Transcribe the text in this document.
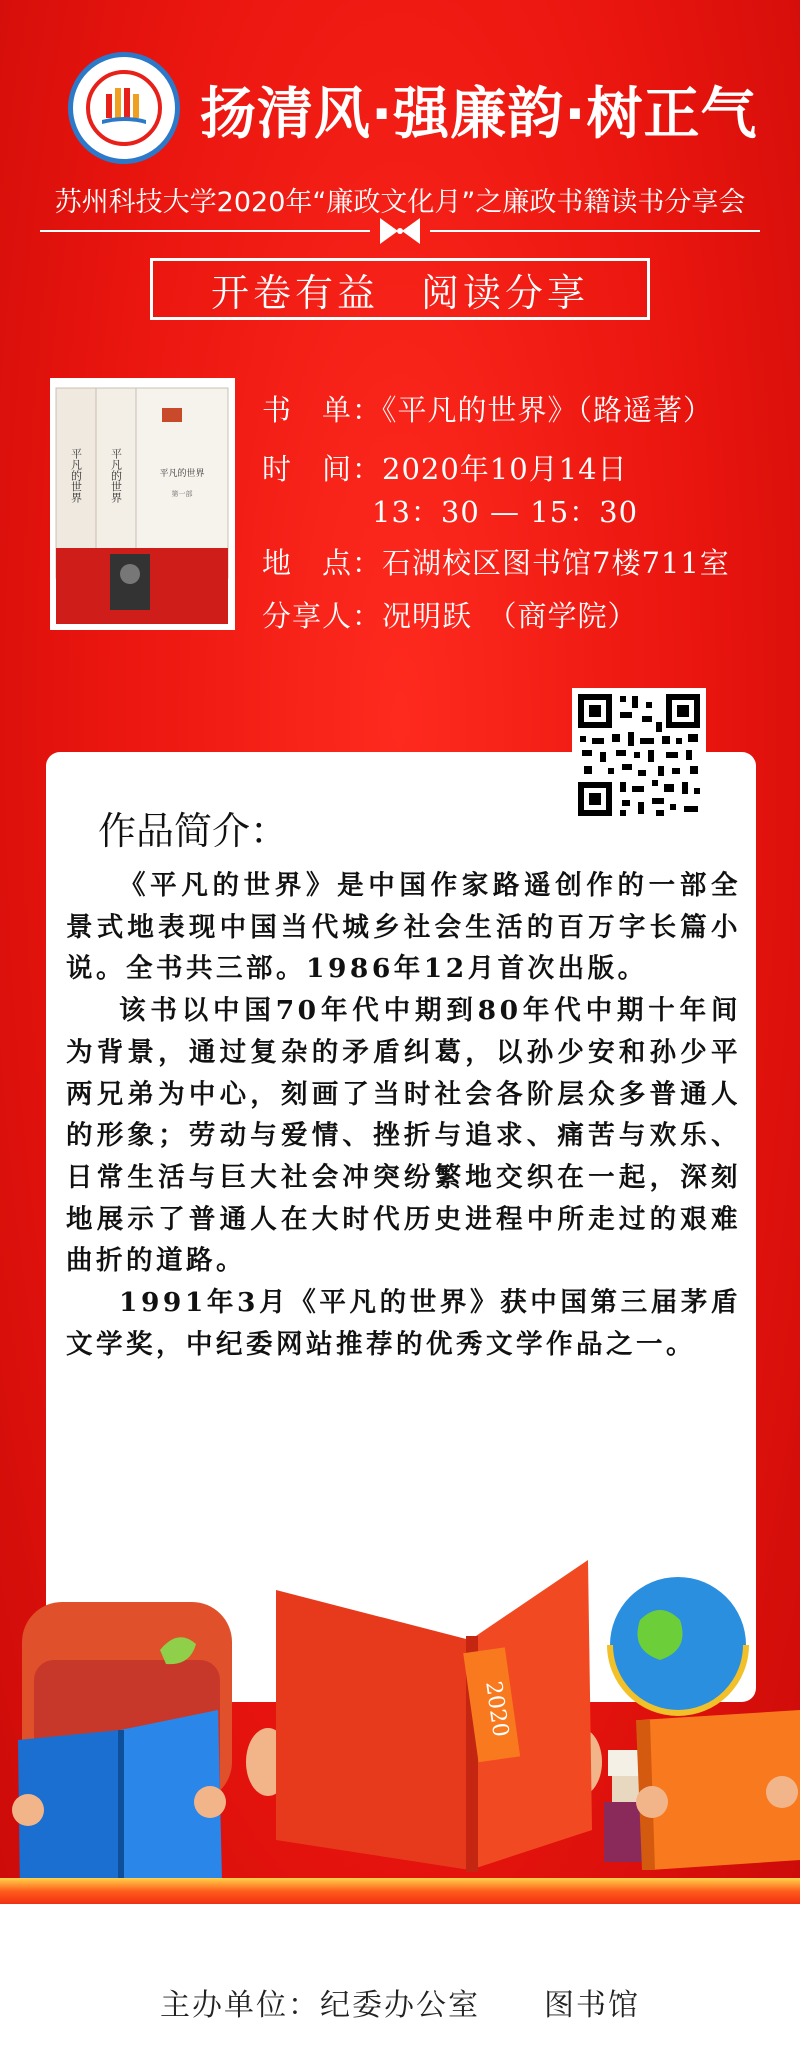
扬清风·强廉韵·树正气
苏州科技大学2020年“廉政文化月”之廉政书籍读书分享会
开卷有益　阅读分享
平凡的世界
第一部
平凡的世界 平凡的世界
书　单：《平凡的世界》（路遥著）
时　间：2020年10月14日
13：30 — 15：30
地　点：石湖校区图书馆7楼711室
分享人：况明跃　（商学院）
作品简介：

《平凡的世界》是中国作家路遥创作的一部全景式地表现中国当代城乡社会生活的百万字长篇小说。全书共三部。1986年12月首次出版。

该书以中国70年代中期到80年代中期十年间为背景，通过复杂的矛盾纠葛，以孙少安和孙少平两兄弟为中心，刻画了当时社会各阶层众多普通人的形象；劳动与爱情、挫折与追求、痛苦与欢乐、日常生活与巨大社会冲突纷繁地交织在一起，深刻地展示了普通人在大时代历史进程中所走过的艰难曲折的道路。

1991年3月《平凡的世界》获中国第三届茅盾文学奖，中纪委网站推荐的优秀文学作品之一。

2020
主办单位：纪委办公室　　图书馆
